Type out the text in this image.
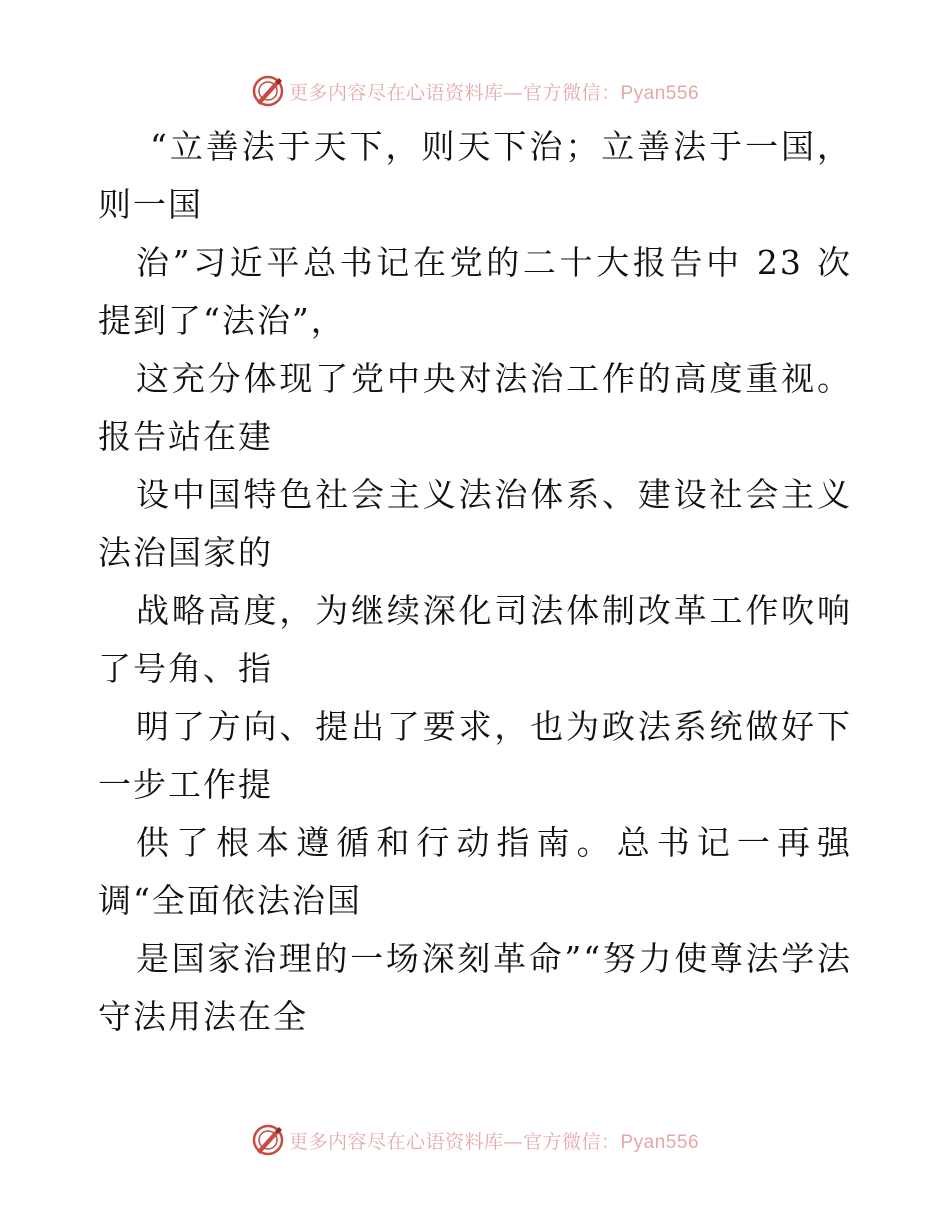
更多内容尽在心语资料库—官方微信：Pyan556

“立善法于天下，则天下治；立善法于一国，则一国

治”习近平总书记在党的二十大报告中 23 次提到了“法治”，

这充分体现了党中央对法治工作的高度重视。报告站在建

设中国特色社会主义法治体系、建设社会主义法治国家的

战略高度，为继续深化司法体制改革工作吹响了号角、指

明了方向、提出了要求，也为政法系统做好下一步工作提

供了根本遵循和行动指南。总书记一再强调“全面依法治国

是国家治理的一场深刻革命”“努力使尊法学法守法用法在全

更多内容尽在心语资料库—官方微信：Pyan556
